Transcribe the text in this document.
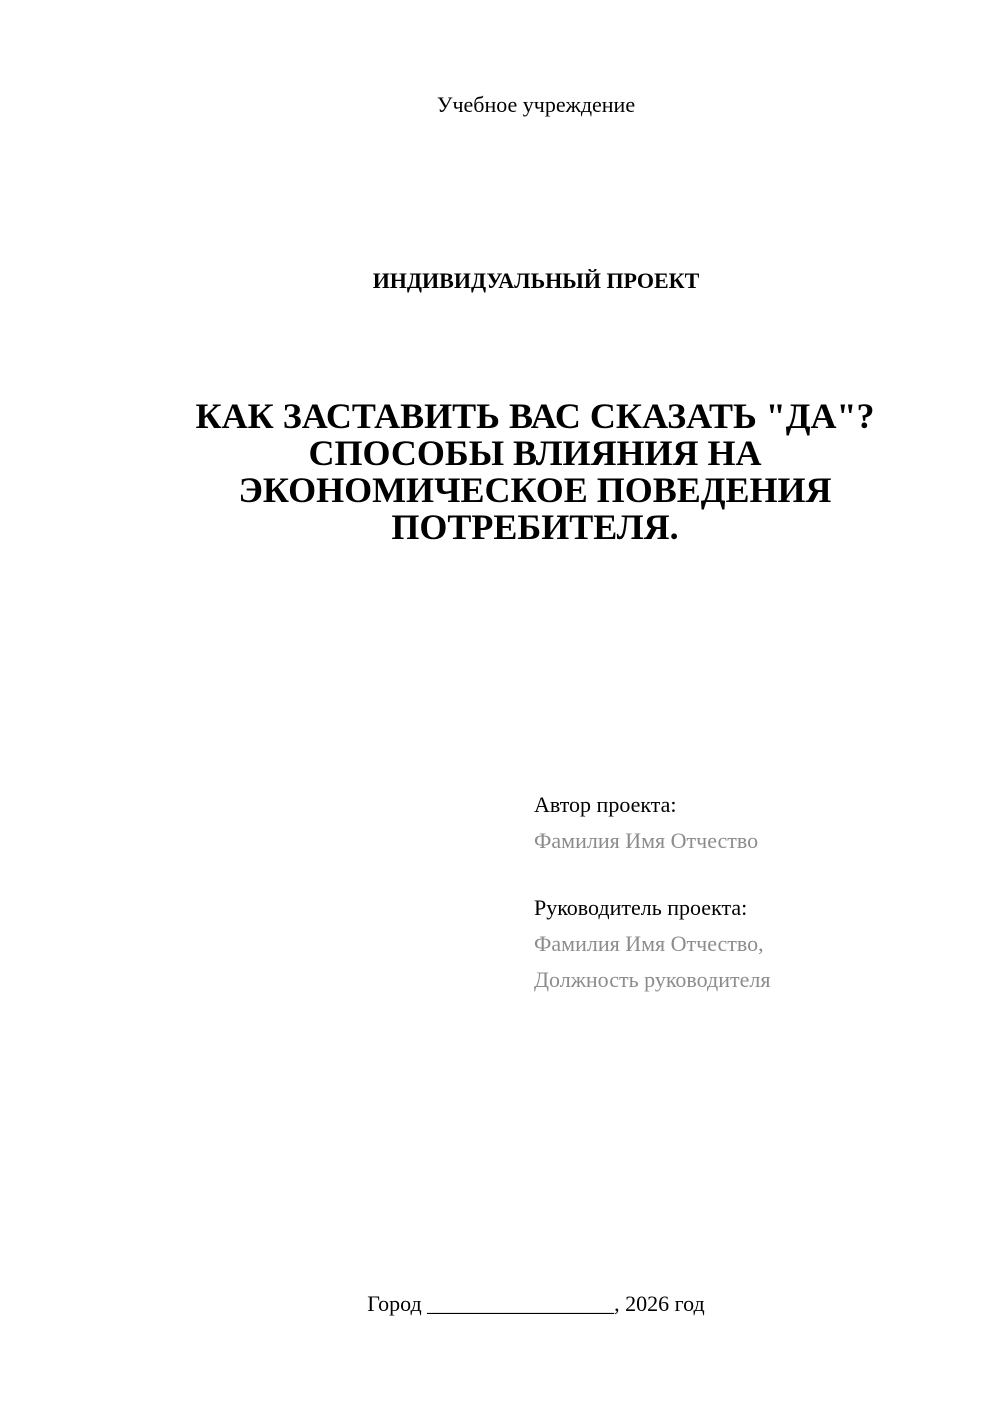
Учебное учреждение
ИНДИВИДУАЛЬНЫЙ ПРОЕКТ
КАК ЗАСТАВИТЬ ВАС СКАЗАТЬ "ДА"?
СПОСОБЫ ВЛИЯНИЯ НА
ЭКОНОМИЧЕСКОЕ ПОВЕДЕНИЯ
ПОТРЕБИТЕЛЯ.
Автор проекта:
Фамилия Имя Отчество
Руководитель проекта:
Фамилия Имя Отчество,
Должность руководителя
Город _________________, 2026 год
